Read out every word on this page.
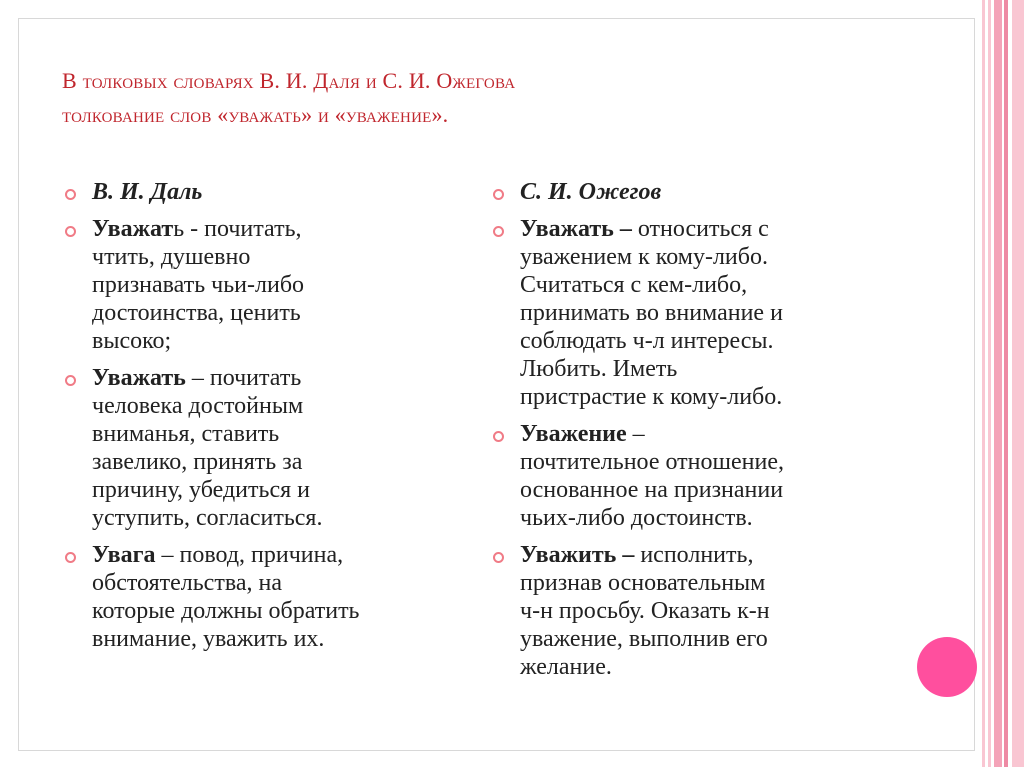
В толковых словарях В. И. Даля и С. И. Ожегова
толкование слов «уважать» и «уважение».
В. И. Даль
Уважать - почитать,
чтить, душевно
признавать чьи-либо
достоинства, ценить
высоко;
Уважать – почитать
человека достойным
вниманья, ставить
завелико, принять за
причину, убедиться и
уступить, согласиться.
Увага – повод, причина,
обстоятельства, на
которые должны обратить
внимание, уважить их.
С. И. Ожегов
Уважать – относиться с
уважением к кому-либо.
Считаться с кем-либо,
принимать во внимание и
соблюдать ч-л интересы.
Любить. Иметь
пристрастие к кому-либо.
Уважение –
почтительное отношение,
основанное на признании
чьих-либо достоинств.
Уважить – исполнить,
признав основательным
ч-н просьбу. Оказать к-н
уважение, выполнив его
желание.
